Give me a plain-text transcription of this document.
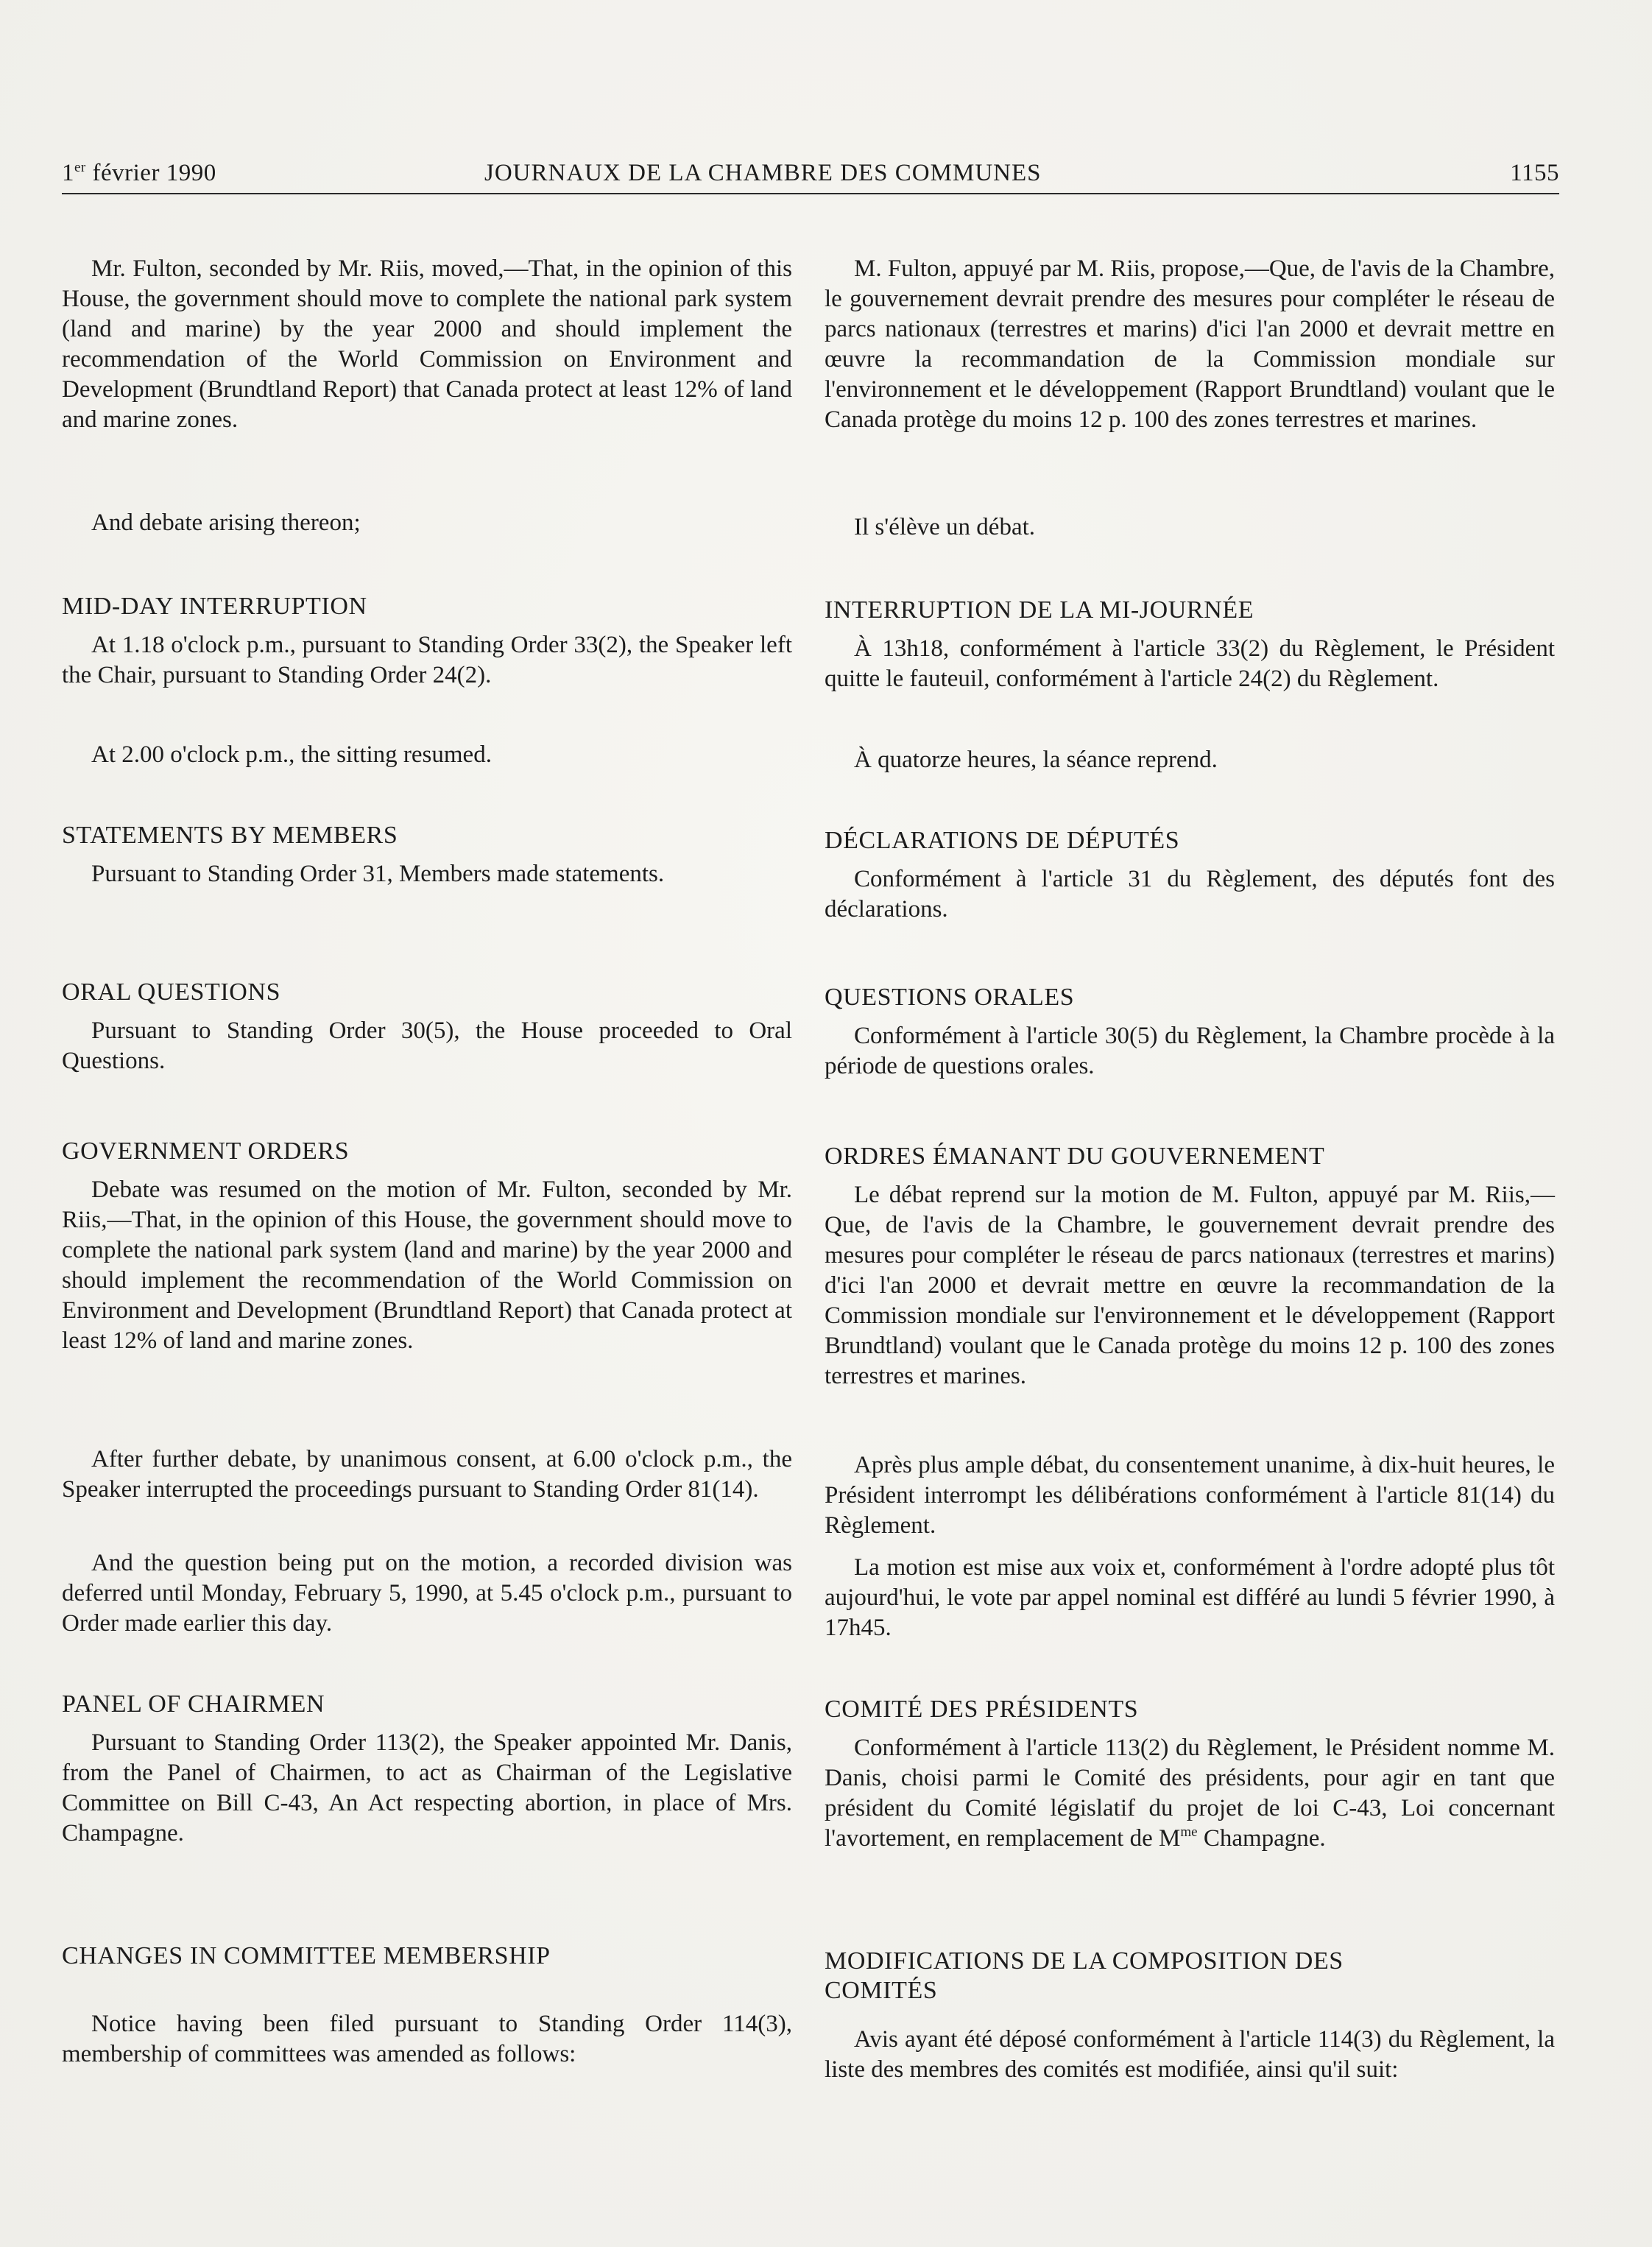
1er février 1990	JOURNAUX DE LA CHAMBRE DES COMMUNES	1155

Mr. Fulton, seconded by Mr. Riis, moved,—That, in the opinion of this House, the government should move to complete the national park system (land and marine) by the year 2000 and should implement the recommendation of the World Commission on Environment and Development (Brundtland Report) that Canada protect at least 12% of land and marine zones.

And debate arising thereon;

MID-DAY INTERRUPTION

At 1.18 o'clock p.m., pursuant to Standing Order 33(2), the Speaker left the Chair, pursuant to Standing Order 24(2).

At 2.00 o'clock p.m., the sitting resumed.

STATEMENTS BY MEMBERS

Pursuant to Standing Order 31, Members made statements.

ORAL QUESTIONS

Pursuant to Standing Order 30(5), the House proceeded to Oral Questions.

GOVERNMENT ORDERS

Debate was resumed on the motion of Mr. Fulton, seconded by Mr. Riis,—That, in the opinion of this House, the government should move to complete the national park system (land and marine) by the year 2000 and should implement the recommendation of the World Commission on Environment and Development (Brundtland Report) that Canada protect at least 12% of land and marine zones.

After further debate, by unanimous consent, at 6.00 o'clock p.m., the Speaker interrupted the proceedings pursuant to Standing Order 81(14).

And the question being put on the motion, a recorded division was deferred until Monday, February 5, 1990, at 5.45 o'clock p.m., pursuant to Order made earlier this day.

PANEL OF CHAIRMEN

Pursuant to Standing Order 113(2), the Speaker appointed Mr. Danis, from the Panel of Chairmen, to act as Chairman of the Legislative Committee on Bill C-43, An Act respecting abortion, in place of Mrs. Champagne.

CHANGES IN COMMITTEE MEMBERSHIP

Notice having been filed pursuant to Standing Order 114(3), membership of committees was amended as follows:

M. Fulton, appuyé par M. Riis, propose,—Que, de l'avis de la Chambre, le gouvernement devrait prendre des mesures pour compléter le réseau de parcs nationaux (terrestres et marins) d'ici l'an 2000 et devrait mettre en œuvre la recommandation de la Commission mondiale sur l'environnement et le développement (Rapport Brundtland) voulant que le Canada protège du moins 12 p. 100 des zones terrestres et marines.

Il s'élève un débat.

INTERRUPTION DE LA MI-JOURNÉE

À 13h18, conformément à l'article 33(2) du Règlement, le Président quitte le fauteuil, conformément à l'article 24(2) du Règlement.

À quatorze heures, la séance reprend.

DÉCLARATIONS DE DÉPUTÉS

Conformément à l'article 31 du Règlement, des députés font des déclarations.

QUESTIONS ORALES

Conformément à l'article 30(5) du Règlement, la Chambre procède à la période de questions orales.

ORDRES ÉMANANT DU GOUVERNEMENT

Le débat reprend sur la motion de M. Fulton, appuyé par M. Riis,—Que, de l'avis de la Chambre, le gouvernement devrait prendre des mesures pour compléter le réseau de parcs nationaux (terrestres et marins) d'ici l'an 2000 et devrait mettre en œuvre la recommandation de la Commission mondiale sur l'environnement et le développement (Rapport Brundtland) voulant que le Canada protège du moins 12 p. 100 des zones terrestres et marines.

Après plus ample débat, du consentement unanime, à dix-huit heures, le Président interrompt les délibérations conformément à l'article 81(14) du Règlement.

La motion est mise aux voix et, conformément à l'ordre adopté plus tôt aujourd'hui, le vote par appel nominal est différé au lundi 5 février 1990, à 17h45.

COMITÉ DES PRÉSIDENTS

Conformément à l'article 113(2) du Règlement, le Président nomme M. Danis, choisi parmi le Comité des présidents, pour agir en tant que président du Comité législatif du projet de loi C-43, Loi concernant l'avortement, en remplacement de $M^{me}$ Champagne.

MODIFICATIONS DE LA COMPOSITION DES COMITÉS

Avis ayant été déposé conformément à l'article 114(3) du Règlement, la liste des membres des comités est modifiée, ainsi qu'il suit:
